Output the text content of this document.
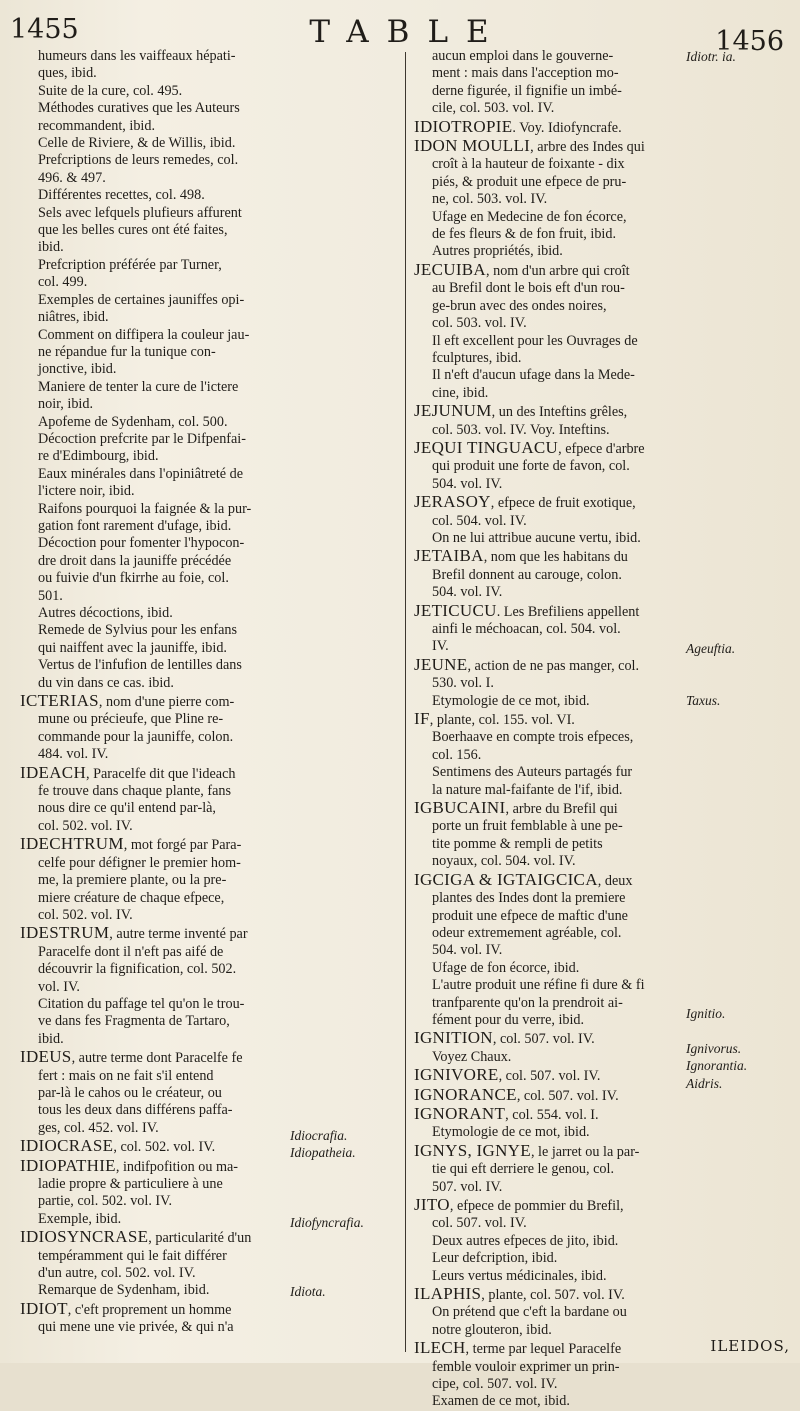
1455	TABLE	1456
humeurs dans les vaiffeaux hépati-
ques, ibid.
Suite de la cure, col. 495.
Méthodes curatives que les Auteurs
recommandent, ibid.
Celle de Riviere, & de Willis, ibid.
Prefcriptions de leurs remedes, col.
496. & 497.
Différentes recettes, col. 498.
Sels avec lefquels plufieurs affurent
que les belles cures ont été faites,
ibid.
Prefcription préférée par Turner,
col. 499.
Exemples de certaines jauniffes opi-
niâtres, ibid.
Comment on diffipera la couleur jau-
ne répandue fur la tunique con-
jonctive, ibid.
Maniere de tenter la cure de l'ictere
noir, ibid.
Apofeme de Sydenham, col. 500.
Décoction prefcrite par le Difpenfai-
re d'Edimbourg, ibid.
Eaux minérales dans l'opiniâtreté de
l'ictere noir, ibid.
Raifons pourquoi la faignée & la pur-
gation font rarement d'ufage, ibid.
Décoction pour fomenter l'hypocon-
dre droit dans la jauniffe précédée
ou fuivie d'un fkirrhe au foie, col.
501.
Autres décoctions, ibid.
Remede de Sylvius pour les enfans
qui naiffent avec la jauniffe, ibid.
Vertus de l'infufion de lentilles dans
du vin dans ce cas. ibid.
ICTERIAS, nom d'une pierre com-
mune ou précieufe, que Pline re-
commande pour la jauniffe, colon.
484. vol. IV.
IDEACH, Paracelfe dit que l'ideach
fe trouve dans chaque plante, fans
nous dire ce qu'il entend par-là,
col. 502. vol. IV.
IDECHTRUM, mot forgé par Para-
celfe pour défigner le premier hom-
me, la premiere plante, ou la pre-
miere créature de chaque efpece,
col. 502. vol. IV.
IDESTRUM, autre terme inventé par
Paracelfe dont il n'eft pas aifé de
découvrir la fignification, col. 502.
vol. IV.
Citation du paffage tel qu'on le trou-
ve dans fes Fragmenta de Tartaro,
ibid.
IDEUS, autre terme dont Paracelfe fe
fert : mais on ne fait s'il entend
par-là le cahos ou le créateur, ou
tous les deux dans différens paffa-
ges, col. 452. vol. IV.
IDIOCRASE, col. 502. vol. IV.
IDIOPATHIE, indifpofition ou ma-
ladie propre & particuliere à une
partie, col. 502. vol. IV.
Exemple, ibid.
IDIOSYNCRASE, particularité d'un
tempéramment qui le fait différer
d'un autre, col. 502. vol. IV.
Remarque de Sydenham, ibid.
IDIOT, c'eft proprement un homme
qui mene une vie privée, & qui n'a
aucun emploi dans le gouverne-
ment : mais dans l'acception mo-
derne figurée, il fignifie un imbé-
cile, col. 503. vol. IV.
IDIOTROPIE. Voy. Idiofyncrafe.
IDON MOULLI, arbre des Indes qui
croît à la hauteur de foixante - dix
piés, & produit une efpece de pru-
ne, col. 503. vol. IV.
Ufage en Medecine de fon écorce,
de fes fleurs & de fon fruit, ibid.
Autres propriétés, ibid.
JECUIBA, nom d'un arbre qui croît
au Brefil dont le bois eft d'un rou-
ge-brun avec des ondes noires,
col. 503. vol. IV.
Il eft excellent pour les Ouvrages de
fculptures, ibid.
Il n'eft d'aucun ufage dans la Mede-
cine, ibid.
JEJUNUM, un des Inteftins grêles,
col. 503. vol. IV. Voy. Inteftins.
JEQUI TINGUACU, efpece d'arbre
qui produit une forte de favon, col.
504. vol. IV.
JERASOY, efpece de fruit exotique,
col. 504. vol. IV.
On ne lui attribue aucune vertu, ibid.
JETAIBA, nom que les habitans du
Brefil donnent au carouge, colon.
504. vol. IV.
JETICUCU. Les Brefiliens appellent
ainfi le méchoacan, col. 504. vol.
IV.
JEUNE, action de ne pas manger, col.
530. vol. I.
Etymologie de ce mot, ibid.
IF, plante, col. 155. vol. VI.
Boerhaave en compte trois efpeces,
col. 156.
Sentimens des Auteurs partagés fur
la nature mal-faifante de l'if, ibid.
IGBUCAINI, arbre du Brefil qui
porte un fruit femblable à une pe-
tite pomme & rempli de petits
noyaux, col. 504. vol. IV.
IGCIGA & IGTAIGCICA, deux
plantes des Indes dont la premiere
produit une efpece de maftic d'une
odeur extremement agréable, col.
504. vol. IV.
Ufage de fon écorce, ibid.
L'autre produit une réfine fi dure & fi
tranfparente qu'on la prendroit ai-
fément pour du verre, ibid.
IGNITION, col. 507. vol. IV.
Voyez Chaux.
IGNIVORE, col. 507. vol. IV.
IGNORANCE, col. 507. vol. IV.
IGNORANT, col. 554. vol. I.
Etymologie de ce mot, ibid.
IGNYS, IGNYE, le jarret ou la par-
tie qui eft derriere le genou, col.
507. vol. IV.
JITO, efpece de pommier du Brefil,
col. 507. vol. IV.
Deux autres efpeces de jito, ibid.
Leur defcription, ibid.
Leurs vertus médicinales, ibid.
ILAPHIS, plante, col. 507. vol. IV.
On prétend que c'eft la bardane ou
notre glouteron, ibid.
ILECH, terme par lequel Paracelfe
femble vouloir exprimer un prin-
cipe, col. 507. vol. IV.
Examen de ce mot, ibid.
Idiocrafia.
Idiopatheia.
Idiofyncrafia.
Idiota.
Idiotr. ia.
Ageuftia.
Taxus.
Ignitio.
Ignivorus.
Ignorantia.
Aidris.
ILEIDOS,
